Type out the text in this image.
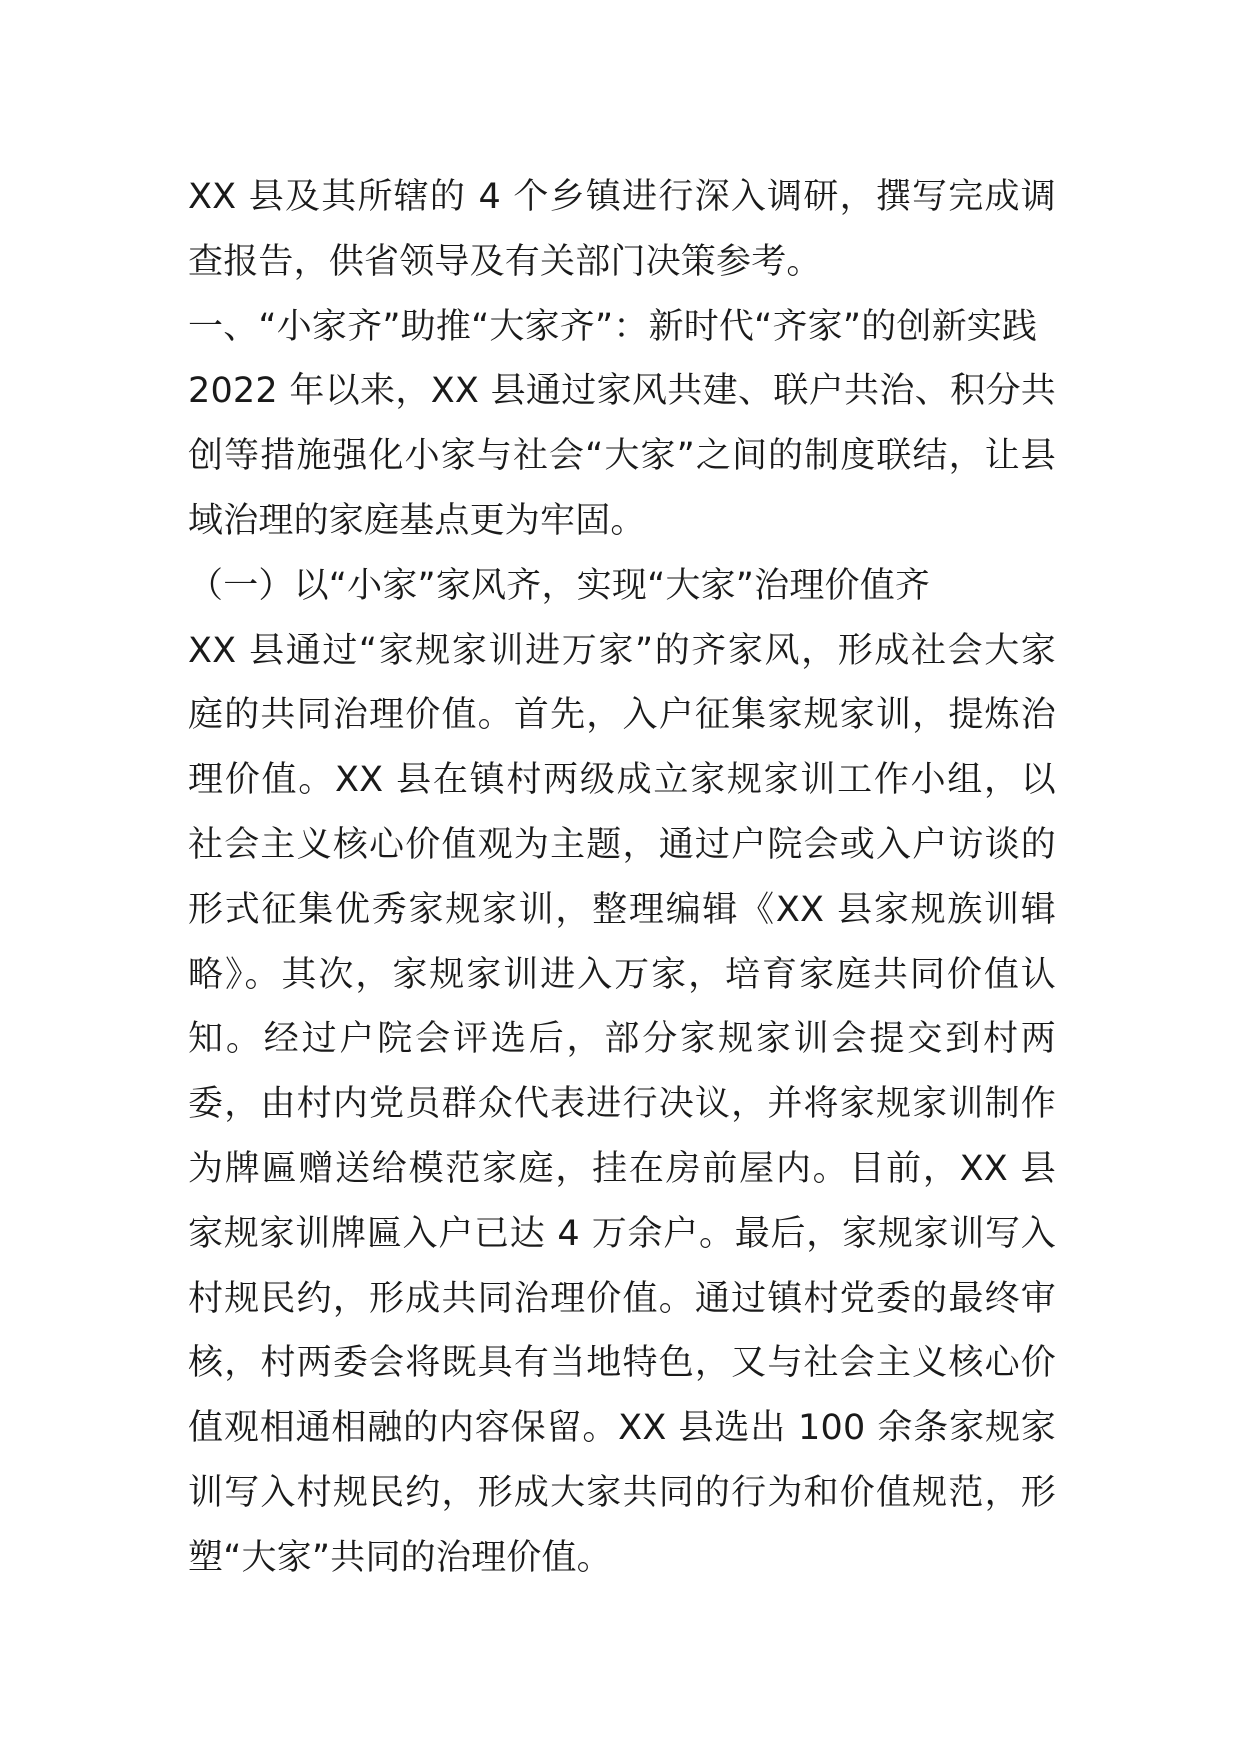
XX 县及其所辖的 4 个乡镇进行深入调研，撰写完成调查报告，供省领导及有关部门决策参考。

一、“小家齐”助推“大家齐”：新时代“齐家”的创新实践

2022 年以来，XX 县通过家风共建、联户共治、积分共创等措施强化小家与社会“大家”之间的制度联结，让县域治理的家庭基点更为牢固。

（一）以“小家”家风齐，实现“大家”治理价值齐

XX 县通过“家规家训进万家”的齐家风，形成社会大家庭的共同治理价值。首先，入户征集家规家训，提炼治理价值。XX 县在镇村两级成立家规家训工作小组，以社会主义核心价值观为主题，通过户院会或入户访谈的形式征集优秀家规家训，整理编辑《XX 县家规族训辑略》。其次，家规家训进入万家，培育家庭共同价值认知。经过户院会评选后，部分家规家训会提交到村两委，由村内党员群众代表进行决议，并将家规家训制作为牌匾赠送给模范家庭，挂在房前屋内。目前，XX 县家规家训牌匾入户已达 4 万余户。最后，家规家训写入村规民约，形成共同治理价值。通过镇村党委的最终审核，村两委会将既具有当地特色，又与社会主义核心价值观相通相融的内容保留。XX 县选出 100 余条家规家训写入村规民约，形成大家共同的行为和价值规范，形塑“大家”共同的治理价值。
